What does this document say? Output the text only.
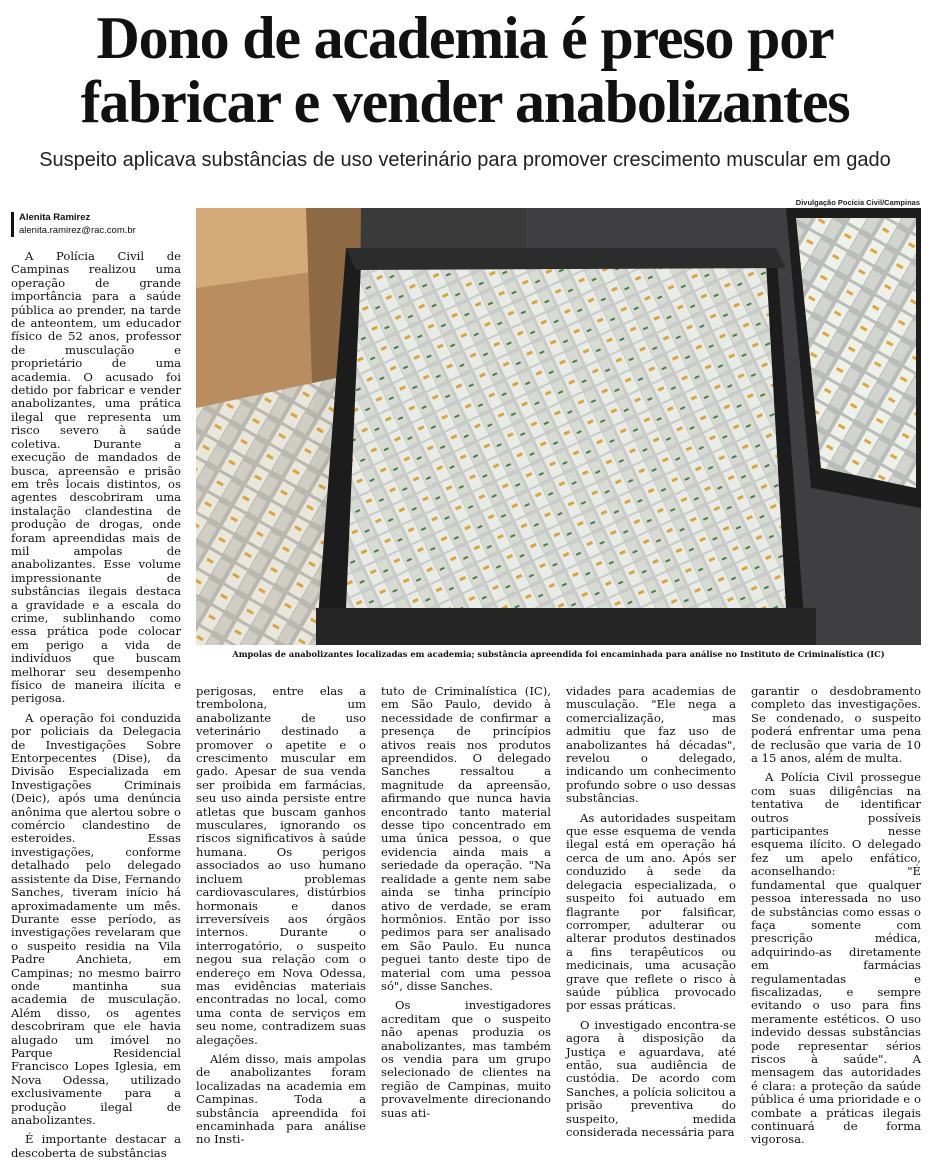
Dono de academia é preso por fabricar e vender anabolizantes
Suspeito aplicava substâncias de uso veterinário para promover crescimento muscular em gado
Alenita Ramirez
alenita.ramirez@rac.com.br
Divulgação Pocícia Civil/Campinas
Ampolas de anabolizantes localizadas em academia; substância apreendida foi encaminhada para análise no Instituto de Criminalística (IC)

A Polícia Civil de Campinas realizou uma operação de grande importância para a saúde pública ao prender, na tarde de anteontem, um educador físico de 52 anos, professor de musculação e proprietário de uma academia. O acusado foi detido por fabricar e vender anabolizantes, uma prática ilegal que representa um risco severo à saúde coletiva. Durante a execução de mandados de busca, apreensão e prisão em três locais distintos, os agentes descobriram uma instalação clandestina de produção de drogas, onde foram apreendidas mais de mil ampolas de anabolizantes. Esse volume impressionante de substâncias ilegais destaca a gravidade e a escala do crime, sublinhando como essa prática pode colocar em perigo a vida de indivíduos que buscam melhorar seu desempenho físico de maneira ilícita e perigosa.

A operação foi conduzida por policiais da Delegacia de Investigações Sobre Entorpecentes (Dise), da Divisão Especializada em Investigações Criminais (Deic), após uma denúncia anônima que alertou sobre o comércio clandestino de esteroides. Essas investigações, conforme detalhado pelo delegado assistente da Dise, Fernando Sanches, tiveram início há aproximadamente um mês. Durante esse período, as investigações revelaram que o suspeito residia na Vila Padre Anchieta, em Campinas; no mesmo bairro onde mantinha sua academia de musculação. Além disso, os agentes descobriram que ele havia alugado um imóvel no Parque Residencial Francisco Lopes Iglesia, em Nova Odessa, utilizado exclusivamente para a produção ilegal de anabolizantes.

É importante destacar a descoberta de substâncias

perigosas, entre elas a trembolona, um anabolizante de uso veterinário destinado a promover o apetite e o crescimento muscular em gado. Apesar de sua venda ser proibida em farmácias, seu uso ainda persiste entre atletas que buscam ganhos musculares, ignorando os riscos significativos à saúde humana. Os perigos associados ao uso humano incluem problemas cardiovasculares, distúrbios hormonais e danos irreversíveis aos órgãos internos. Durante o interrogatório, o suspeito negou sua relação com o endereço em Nova Odessa, mas evidências materiais encontradas no local, como uma conta de serviços em seu nome, contradizem suas alegações.

Além disso, mais ampolas de anabolizantes foram localizadas na academia em Campinas. Toda a substância apreendida foi encaminhada para análise no Insti-

tuto de Criminalística (IC), em São Paulo, devido à necessidade de confirmar a presença de princípios ativos reais nos produtos apreendidos. O delegado Sanches ressaltou a magnitude da apreensão, afirmando que nunca havia encontrado tanto material desse tipo concentrado em uma única pessoa, o que evidencia ainda mais a seriedade da operação. "Na realidade a gente nem sabe ainda se tinha princípio ativo de verdade, se eram hormônios. Então por isso pedimos para ser analisado em São Paulo. Eu nunca peguei tanto deste tipo de material com uma pessoa só", disse Sanches.

Os investigadores acreditam que o suspeito não apenas produzia os anabolizantes, mas também os vendia para um grupo selecionado de clientes na região de Campinas, muito provavelmente direcionando suas ati-

vidades para academias de musculação. "Ele nega a comercialização, mas admitiu que faz uso de anabolizantes há décadas", revelou o delegado, indicando um conhecimento profundo sobre o uso dessas substâncias.

As autoridades suspeitam que esse esquema de venda ilegal está em operação há cerca de um ano. Após ser conduzido à sede da delegacia especializada, o suspeito foi autuado em flagrante por falsificar, corromper, adulterar ou alterar produtos destinados a fins terapêuticos ou medicinais, uma acusação grave que reflete o risco à saúde pública provocado por essas práticas.

O investigado encontra-se agora à disposição da Justiça e aguardava, até então, sua audiência de custódia. De acordo com Sanches, a polícia solicitou a prisão preventiva do suspeito, medida considerada necessária para

garantir o desdobramento completo das investigações. Se condenado, o suspeito poderá enfrentar uma pena de reclusão que varia de 10 a 15 anos, além de multa.

A Polícia Civil prossegue com suas diligências na tentativa de identificar outros possíveis participantes nesse esquema ilícito. O delegado fez um apelo enfático, aconselhando: "É fundamental que qualquer pessoa interessada no uso de substâncias como essas o faça somente com prescrição médica, adquirindo-as diretamente em farmácias regulamentadas e fiscalizadas, e sempre evitando o uso para fins meramente estéticos. O uso indevido dessas substâncias pode representar sérios riscos à saúde". A mensagem das autoridades é clara: a proteção da saúde pública é uma prioridade e o combate a práticas ilegais continuará de forma vigorosa.
